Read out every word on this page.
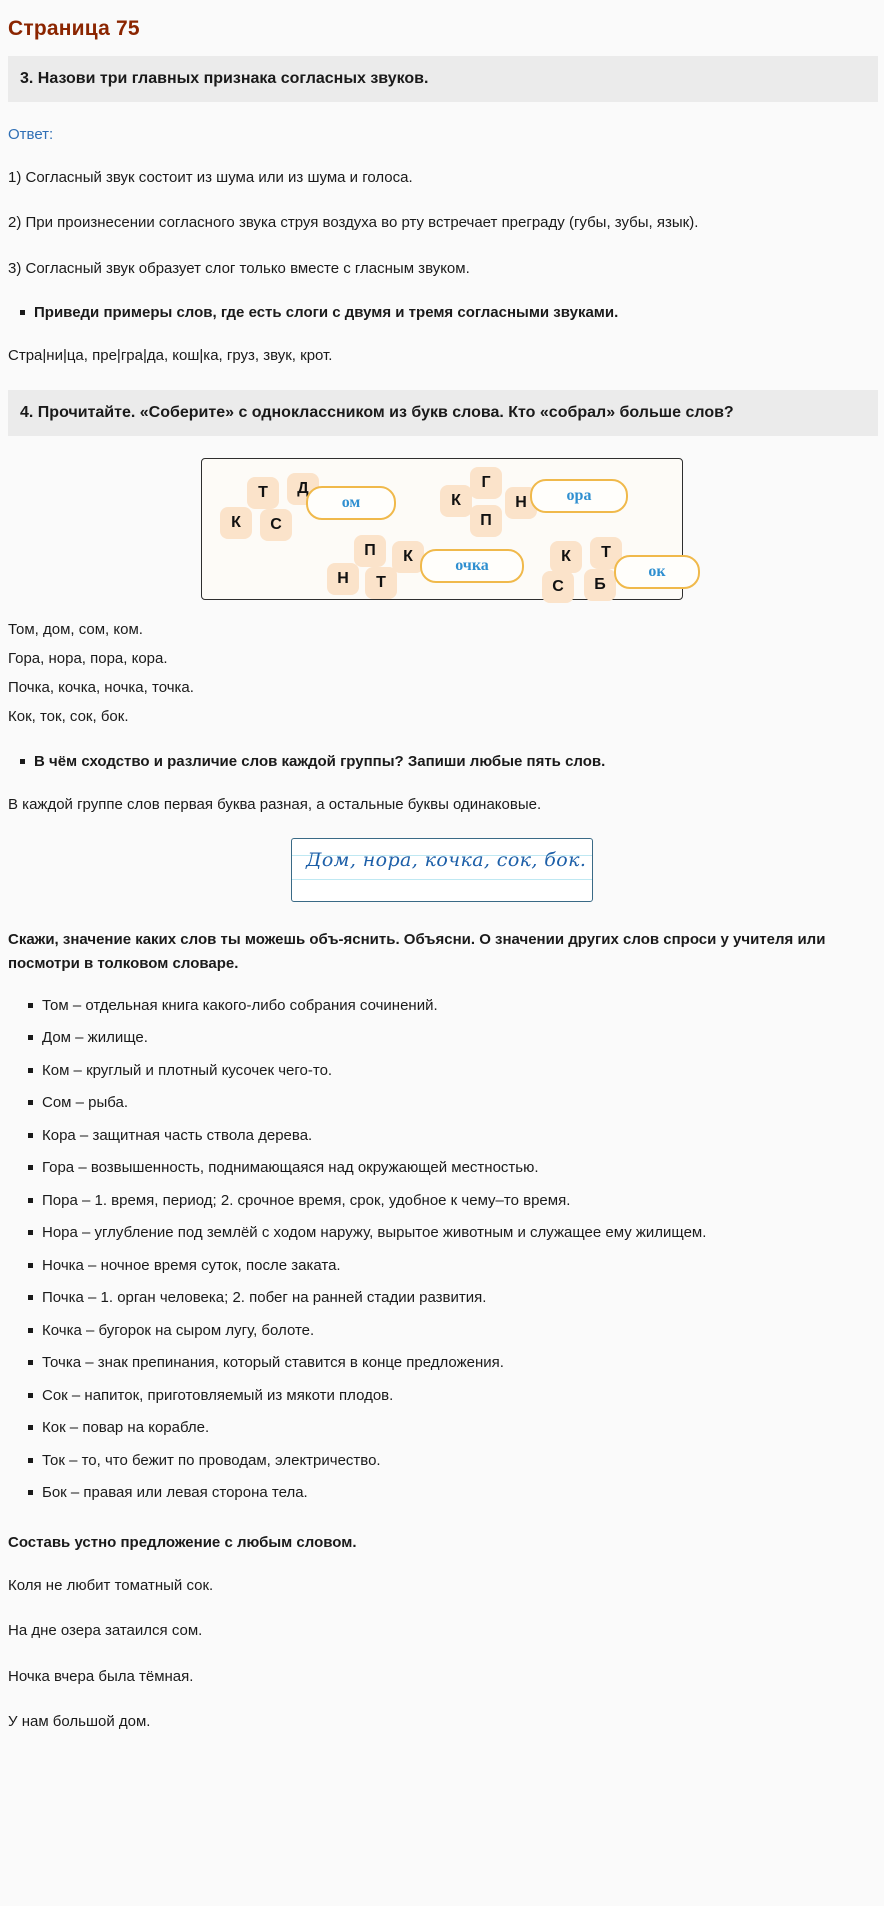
Страница 75
3. Назови три главных признака согласных звуков.
Ответ:

1) Согласный звук состоит из шума или из шума и голоса.

2) При произнесении согласного звука струя воздуха во рту встречает преграду (губы, зубы, язык).

3) Согласный звук образует слог только вместе с гласным звуком.

Приведи примеры слов, где есть слоги с двумя и тремя согласными звуками.

Стра|ни|ца, пре|гра|да, кош|ка, груз, звук, крот.

4. Прочитайте. «Соберите» с одноклассником из букв слова. Кто «собрал» больше слов?
Т	Д
К	С
К
Г
П
Н
П	К
Н	Т
К	Т
С	Б
ом	ора
очка	ок

Том, дом, сом, ком.

Гора, нора, пора, кора.

Почка, кочка, ночка, точка.

Кок, ток, сок, бок.

В чём сходство и различие слов каждой группы? Запиши любые пять слов.

В каждой группе слов первая буква разная, а остальные буквы одинаковые.

Дом, нора, кочка, сок, бок.
Скажи, значение каких слов ты можешь объ-яснить. Объясни. О значении других слов спроси у учителя или посмотри в толковом словаре.
Том – отдельная книга какого-либо собрания сочинений.
Дом – жилище.
Ком – круглый и плотный кусочек чего-то.
Сом – рыба.
Кора – защитная часть ствола дерева.
Гора – возвышенность, поднимающаяся над окружающей местностью.
Пора – 1. время, период; 2. срочное время, срок, удобное к чему–то время.
Нора – углубление под землёй с ходом наружу, вырытое животным и служащее ему жилищем.
Ночка – ночное время суток, после заката.
Почка – 1. орган человека; 2. побег на ранней стадии развития.
Кочка – бугорок на сыром лугу, болоте.
Точка – знак препинания, который ставится в конце предложения.
Сок – напиток, приготовляемый из мякоти плодов.
Кок – повар на корабле.
Ток – то, что бежит по проводам, электричество.
Бок – правая или левая сторона тела.
Составь устно предложение с любым словом.

Коля не любит томатный сок.

На дне озера затаился сом.

Ночка вчера была тёмная.

У нам большой дом.
